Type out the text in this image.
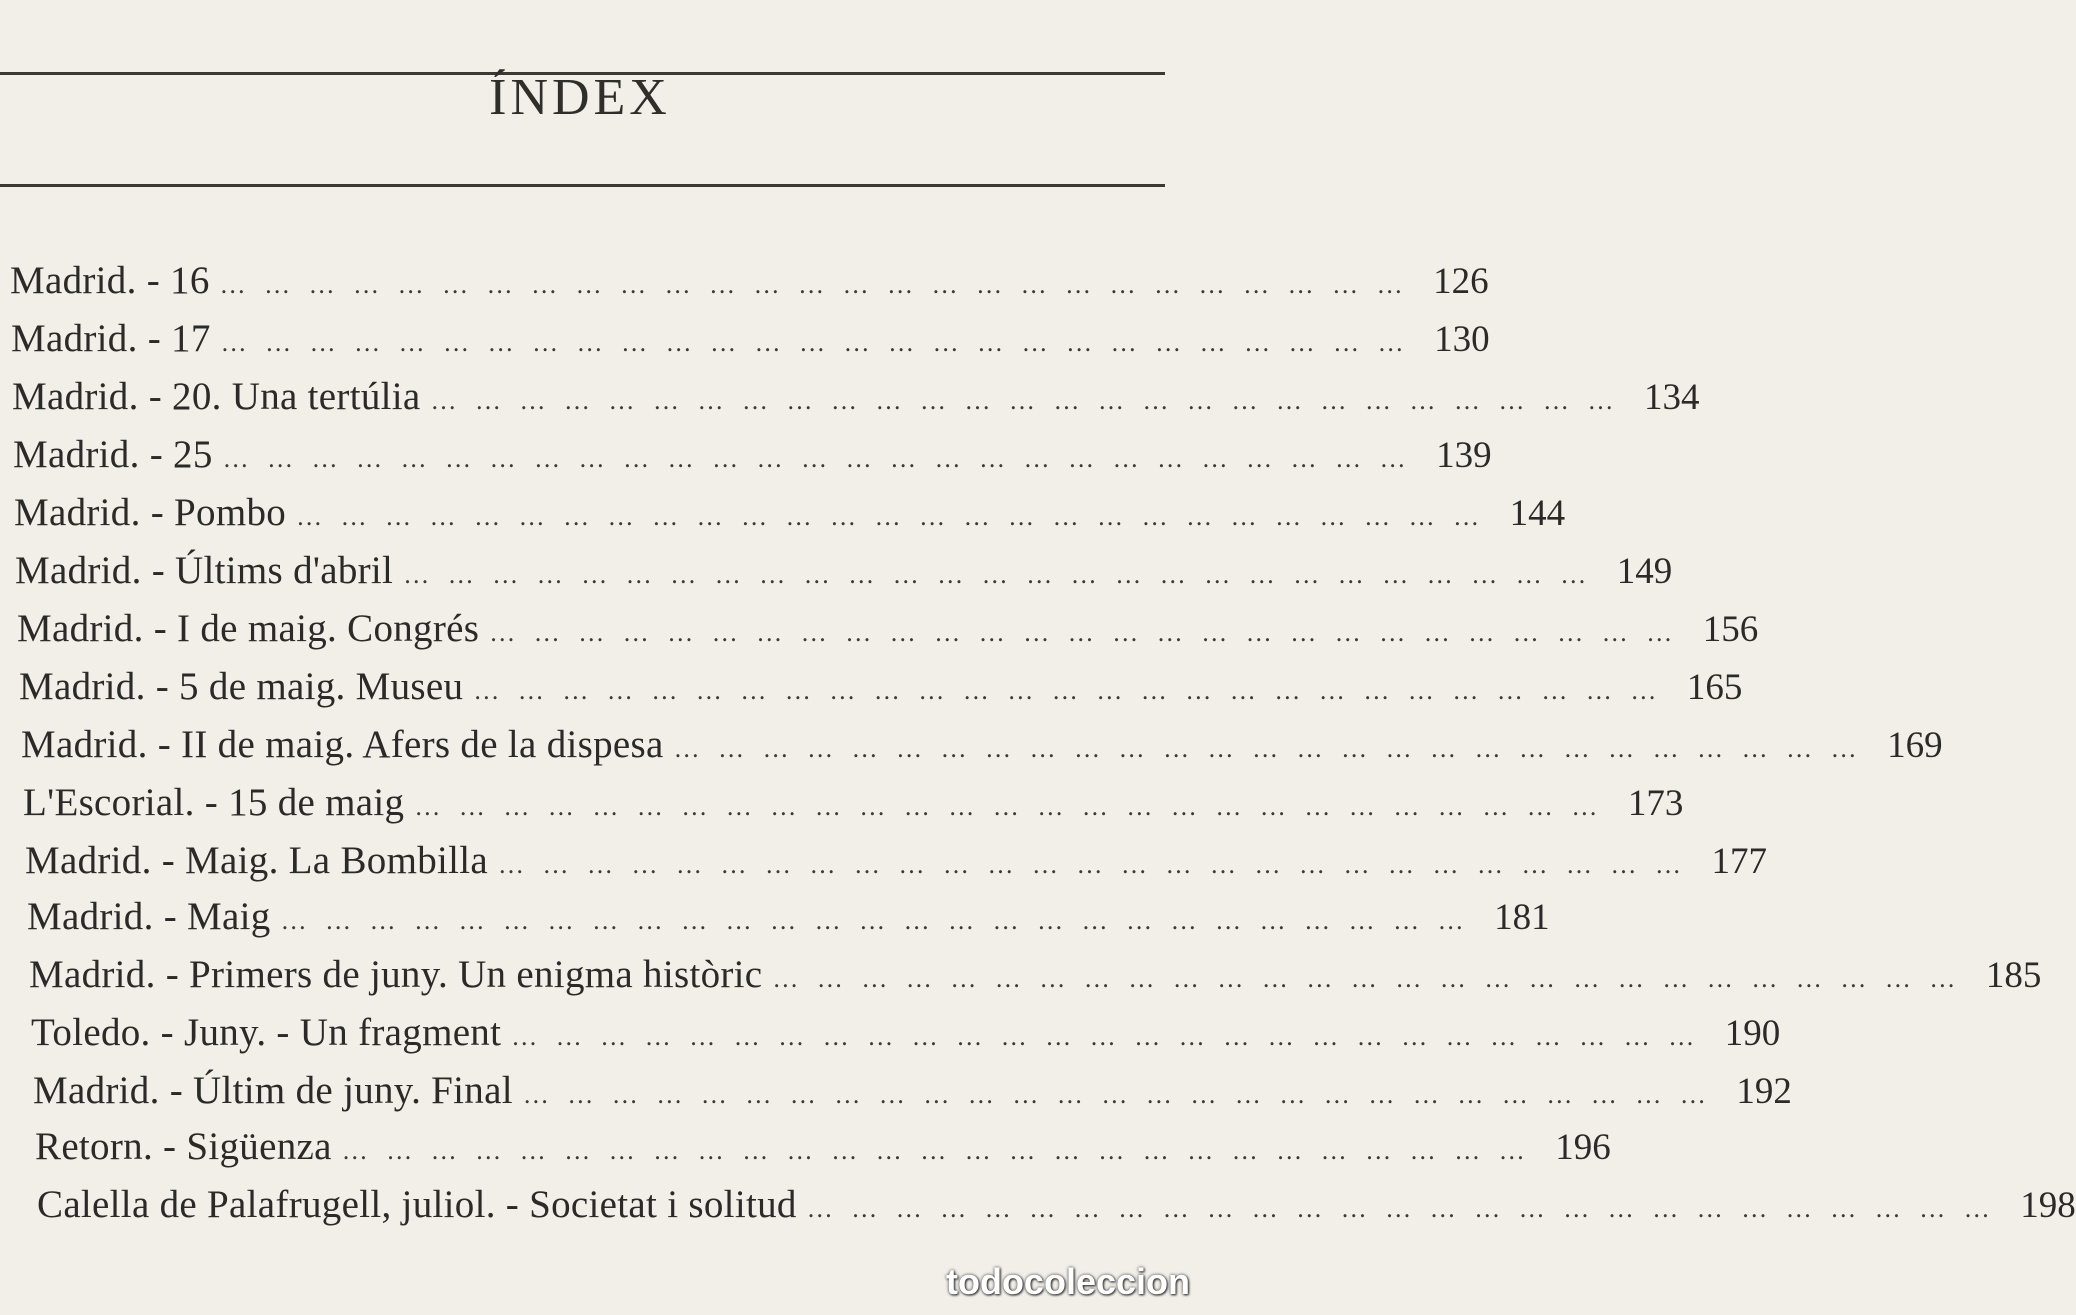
ÍNDEX
Madrid. - 16 … … … … … … … … … … … … … … … … … … … … … … … … … … … 126
Madrid. - 17 … … … … … … … … … … … … … … … … … … … … … … … … … … … 130
Madrid. - 20. Una tertúlia … … … … … … … … … … … … … … … … … … … … … … … … … … … 134
Madrid. - 25 … … … … … … … … … … … … … … … … … … … … … … … … … … … 139
Madrid. - Pombo … … … … … … … … … … … … … … … … … … … … … … … … … … … 144
Madrid. - Últims d'abril … … … … … … … … … … … … … … … … … … … … … … … … … … … 149
Madrid. - I de maig. Congrés … … … … … … … … … … … … … … … … … … … … … … … … … … … 156
Madrid. - 5 de maig. Museu … … … … … … … … … … … … … … … … … … … … … … … … … … … 165
Madrid. - II de maig. Afers de la dispesa … … … … … … … … … … … … … … … … … … … … … … … … … … … 169
L'Escorial. - 15 de maig … … … … … … … … … … … … … … … … … … … … … … … … … … … 173
Madrid. - Maig. La Bombilla … … … … … … … … … … … … … … … … … … … … … … … … … … … 177
Madrid. - Maig … … … … … … … … … … … … … … … … … … … … … … … … … … … 181
Madrid. - Primers de juny. Un enigma històric … … … … … … … … … … … … … … … … … … … … … … … … … … … 185
Toledo. - Juny. - Un fragment … … … … … … … … … … … … … … … … … … … … … … … … … … … 190
Madrid. - Últim de juny. Final … … … … … … … … … … … … … … … … … … … … … … … … … … … 192
Retorn. - Sigüenza … … … … … … … … … … … … … … … … … … … … … … … … … … … 196
Calella de Palafrugell, juliol. - Societat i solitud … … … … … … … … … … … … … … … … … … … … … … … … … … … 198
todocoleccion
